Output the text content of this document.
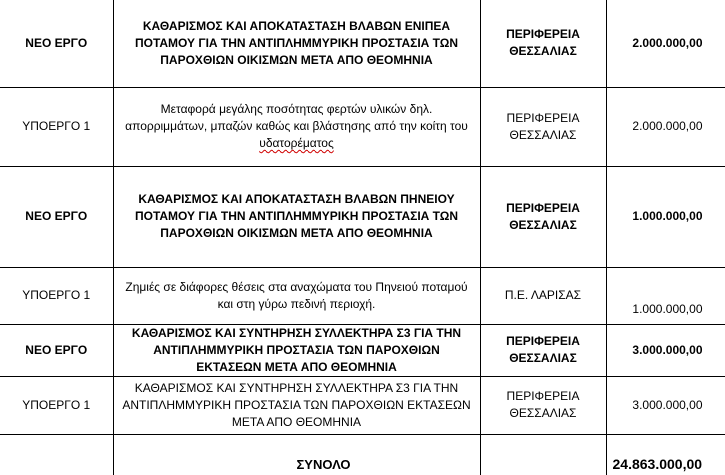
ΝΕΟ ΕΡΓΟ	ΚΑΘΑΡΙΣΜΟΣ ΚΑΙ ΑΠΟΚΑΤΑΣΤΑΣΗ ΒΛΑΒΩΝ ΕΝΙΠΕΑ ΠΟΤΑΜΟΥ ΓΙΑ ΤΗΝ ΑΝΤΙΠΛΗΜΜΥΡΙΚΗ ΠΡΟΣΤΑΣΙΑ ΤΩΝ ΠΑΡΟΧΘΙΩΝ ΟΙΚΙΣΜΩΝ ΜΕΤΑ ΑΠΟ ΘΕΟΜΗΝΙΑ	ΠΕΡΙΦΕΡΕΙΑ ΘΕΣΣΑΛΙΑΣ	2.000.000,00
ΥΠΟΕΡΓΟ 1	Μεταφορά μεγάλης ποσότητας φερτών υλικών δηλ. απορριμμάτων, μπαζών καθώς και βλάστησης από την κοίτη του υδατορέματος	ΠΕΡΙΦΕΡΕΙΑ ΘΕΣΣΑΛΙΑΣ	2.000.000,00
ΝΕΟ ΕΡΓΟ	ΚΑΘΑΡΙΣΜΟΣ ΚΑΙ ΑΠΟΚΑΤΑΣΤΑΣΗ ΒΛΑΒΩΝ ΠΗΝΕΙΟΥ ΠΟΤΑΜΟΥ ΓΙΑ ΤΗΝ ΑΝΤΙΠΛΗΜΜΥΡΙΚΗ ΠΡΟΣΤΑΣΙΑ ΤΩΝ ΠΑΡΟΧΘΙΩΝ ΟΙΚΙΣΜΩΝ ΜΕΤΑ ΑΠΟ ΘΕΟΜΗΝΙΑ	ΠΕΡΙΦΕΡΕΙΑ ΘΕΣΣΑΛΙΑΣ	1.000.000,00
ΥΠΟΕΡΓΟ 1	Ζημιές σε διάφορες θέσεις στα αναχώματα του Πηνειού ποταμού και στη γύρω πεδινή περιοχή.	Π.Ε. ΛΑΡΙΣΑΣ	1.000.000,00
ΝΕΟ ΕΡΓΟ	ΚΑΘΑΡΙΣΜΟΣ ΚΑΙ ΣΥΝΤΗΡΗΣΗ ΣΥΛΛΕΚΤΗΡΑ Σ3 ΓΙΑ ΤΗΝ ΑΝΤΙΠΛΗΜΜΥΡΙΚΗ ΠΡΟΣΤΑΣΙΑ ΤΩΝ ΠΑΡΟΧΘΙΩΝ ΕΚΤΑΣΕΩΝ ΜΕΤΑ ΑΠΟ ΘΕΟΜΗΝΙΑ	ΠΕΡΙΦΕΡΕΙΑ ΘΕΣΣΑΛΙΑΣ	3.000.000,00
ΥΠΟΕΡΓΟ 1	ΚΑΘΑΡΙΣΜΟΣ ΚΑΙ ΣΥΝΤΗΡΗΣΗ ΣΥΛΛΕΚΤΗΡΑ Σ3 ΓΙΑ ΤΗΝ ΑΝΤΙΠΛΗΜΜΥΡΙΚΗ ΠΡΟΣΤΑΣΙΑ ΤΩΝ ΠΑΡΟΧΘΙΩΝ ΕΚΤΑΣΕΩΝ ΜΕΤΑ ΑΠΟ ΘΕΟΜΗΝΙΑ	ΠΕΡΙΦΕΡΕΙΑ ΘΕΣΣΑΛΙΑΣ	3.000.000,00
	ΣΥΝΟΛΟ		24.863.000,00
